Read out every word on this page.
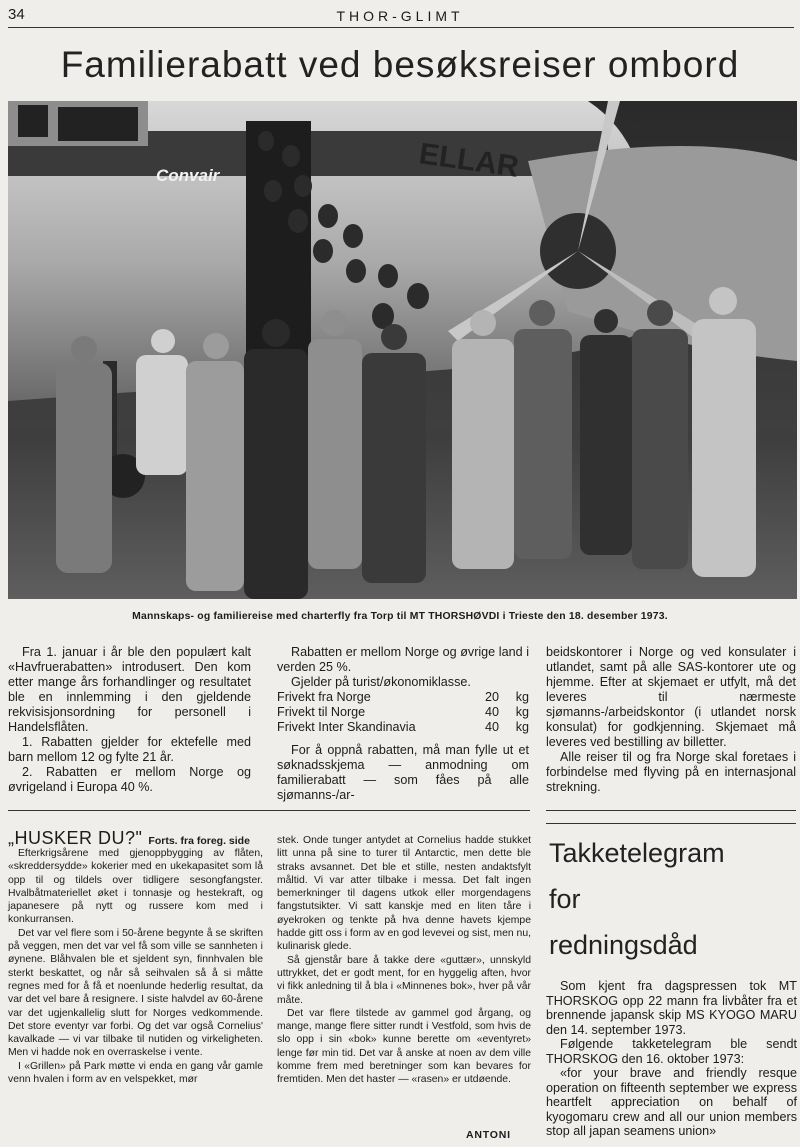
34	THOR-GLIMT
Familierabatt ved besøksreiser ombord
Convair	ELLAR
Mannskaps- og familiereise med charterfly fra Torp til MT THORSHØVDI i Trieste den 18. desember 1973.

Fra 1. januar i år ble den populært kalt «Havfruerabatten» introdusert. Den kom etter mange års forhandlinger og resultatet ble en innlemming i den gjeldende rekvisisjonsordning for personell i Handelsflåten.

1. Rabatten gjelder for ektefelle med barn mellom 12 og fylte 21 år.

2. Rabatten er mellom Norge og øvrigeland i Europa 40 %.

Rabatten er mellom Norge og øvrige land i verden 25 %.

Gjelder på turist/økonomiklasse.

Frivekt fra Norge	20	kg
Frivekt til Norge	40	kg
Frivekt Inter Skandinavia	40	kg

For å oppnå rabatten, må man fylle ut et søknadsskjema — anmodning om familierabatt — som fåes på alle sjømanns-/ar-

beidskontorer i Norge og ved konsulater i utlandet, samt på alle SAS-kontorer ute og hjemme. Efter at skjemaet er utfylt, må det leveres til nærmeste sjømanns-/arbeidskontor (i utlandet norsk konsulat) for godkjenning. Skjemaet må leveres ved bestilling av billetter.

Alle reiser til og fra Norge skal foretaes i forbindelse med flyving på en internasjonal strekning.

„HUSKER DU?" Forts. fra foreg. side

Efterkrigsårene med gjenoppbygging av flåten, «skreddersydde» kokerier med en ukekapasitet som lå opp til og tildels over tidligere sesongfangster. Hvalbåtmateriellet øket i tonnasje og hestekraft, og japanesere på nytt og russere kom med i konkurransen.

Det var vel flere som i 50-årene begynte å se skriften på veggen, men det var vel få som ville se sannheten i øynene. Blåhvalen ble et sjeldent syn, finnhvalen ble sterkt beskattet, og når så seihvalen så å si måtte regnes med for å få et noenlunde hederlig resultat, da var det vel bare å resignere. I siste halvdel av 60-årene var det ugjenkallelig slutt for Norges vedkommende. Det store eventyr var forbi. Og det var også Cornelius' kavalkade — vi var tilbake til nutiden og virkeligheten. Men vi hadde nok en overraskelse i vente.

I «Grillen» på Park møtte vi enda en gang vår gamle venn hvalen i form av en velspekket, mør

stek. Onde tunger antydet at Cornelius hadde stukket litt unna på sine to turer til Antarctic, men dette ble straks avsannet. Det ble et stille, nesten andaktsfylt måltid. Vi var atter tilbake i messa. Det falt ingen bemerkninger til dagens utkok eller morgendagens fangstutsikter. Vi satt kanskje med en liten tåre i øyekroken og tenkte på hva denne havets kjempe hadde gitt oss i form av en god levevei og sist, men nu, kulinarisk glede.

Så gjenstår bare å takke dere «guttær», unnskyld uttrykket, det er godt ment, for en hyggelig aften, hvor vi fikk anledning til å bla i «Minnenes bok», hver på vår måte.

Det var flere tilstede av gammel god årgang, og mange, mange flere sitter rundt i Vestfold, som hvis de slo opp i sin «bok» kunne berette om «eventyret» lenge før min tid. Det var å anske at noen av dem ville komme frem med beretninger som kan bevares for fremtiden. Men det haster — «rasen» er utdøende.

ANTONI
Takketelegram
for
redningsdåd

Som kjent fra dagspressen tok MT THORSKOG opp 22 mann fra livbåter fra et brennende japansk skip MS KYOGO MARU den 14. september 1973.

Følgende takketelegram ble sendt THORSKOG den 16. oktober 1973:

«for your brave and friendly resque operation on fifteenth september we express heartfelt appreciation on behalf of kyogomaru crew and all our union members stop all japan seamens union»
